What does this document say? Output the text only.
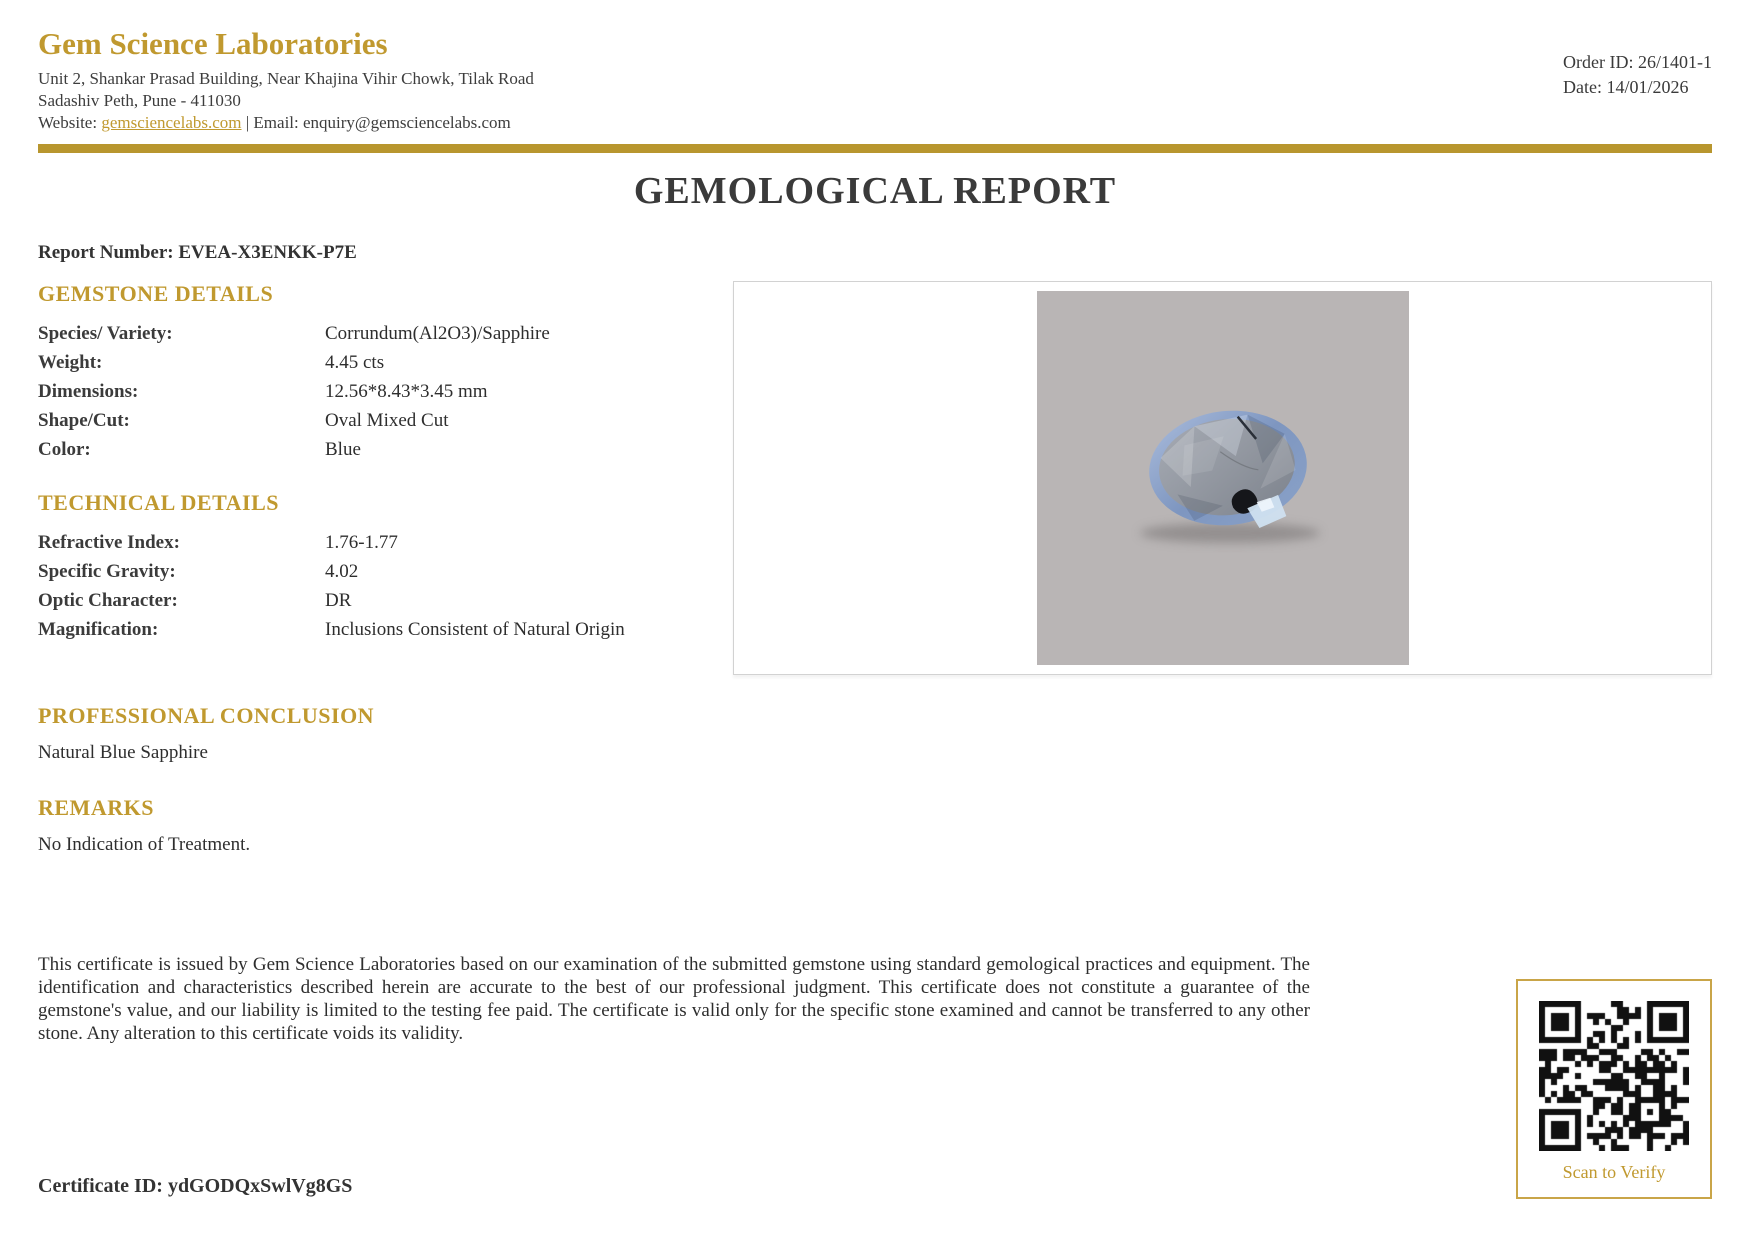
Gem Science Laboratories
Unit 2, Shankar Prasad Building, Near Khajina Vihir Chowk, Tilak Road
Sadashiv Peth, Pune - 411030
Website: gemsciencelabs.com | Email: enquiry@gemsciencelabs.com
Order ID: 26/1401-1
Date: 14/01/2026
GEMOLOGICAL REPORT
Report Number: EVEA-X3ENKK-P7E
GEMSTONE DETAILS
Species/ Variety:	Corrundum(Al2O3)/Sapphire
Weight:	4.45 cts
Dimensions:	12.56*8.43*3.45 mm
Shape/Cut:	Oval Mixed Cut
Color:	Blue
TECHNICAL DETAILS
Refractive Index:	1.76-1.77
Specific Gravity:	4.02
Optic Character:	DR
Magnification:	Inclusions Consistent of Natural Origin
PROFESSIONAL CONCLUSION
Natural Blue Sapphire
REMARKS
No Indication of Treatment.
This certificate is issued by Gem Science Laboratories based on our examination of the submitted gemstone using standard gemological practices and equipment. The identification and characteristics described herein are accurate to the best of our professional judgment. This certificate does not constitute a guarantee of the gemstone's value, and our liability is limited to the testing fee paid. The certificate is valid only for the specific stone examined and cannot be transferred to any other stone. Any alteration to this certificate voids its validity.
Certificate ID: ydGODQxSwlVg8GS
Scan to Verify
